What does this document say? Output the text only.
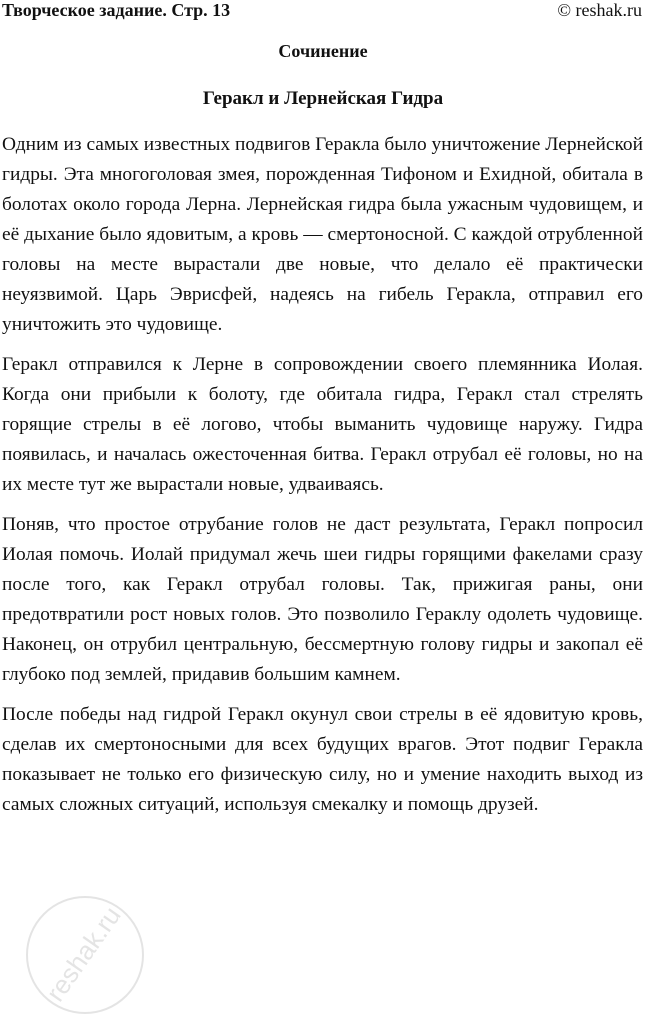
Творческое задание. Стр. 13	© reshak.ru
Сочинение
Геракл и Лернейская Гидра

Одним из самых известных подвигов Геракла было уничтожение Лернейской гидры. Эта многоголовая змея, порожденная Тифоном и Ехидной, обитала в болотах около города Лерна. Лернейская гидра была ужасным чудовищем, и её дыхание было ядовитым, а кровь — смертоносной. С каждой отрубленной головы на месте вырастали две новые, что делало её практически неуязвимой. Царь Эврисфей, надеясь на гибель Геракла, отправил его уничтожить это чудовище.

Геракл отправился к Лерне в сопровождении своего племянника Иолая. Когда они прибыли к болоту, где обитала гидра, Геракл стал стрелять горящие стрелы в её логово, чтобы выманить чудовище наружу. Гидра появилась, и началась ожесточенная битва. Геракл отрубал её головы, но на их месте тут же вырастали новые, удваиваясь.

Поняв, что простое отрубание голов не даст результата, Геракл попросил Иолая помочь. Иолай придумал жечь шеи гидры горящими факелами сразу после того, как Геракл отрубал головы. Так, прижигая раны, они предотвратили рост новых голов. Это позволило Гераклу одолеть чудовище. Наконец, он отрубил центральную, бессмертную голову гидры и закопал её глубоко под землей, придавив большим камнем.

После победы над гидрой Геракл окунул свои стрелы в её ядовитую кровь, сделав их смертоносными для всех будущих врагов. Этот подвиг Геракла показывает не только его физическую силу, но и умение находить выход из самых сложных ситуаций, используя смекалку и помощь друзей.

reshak.ru
